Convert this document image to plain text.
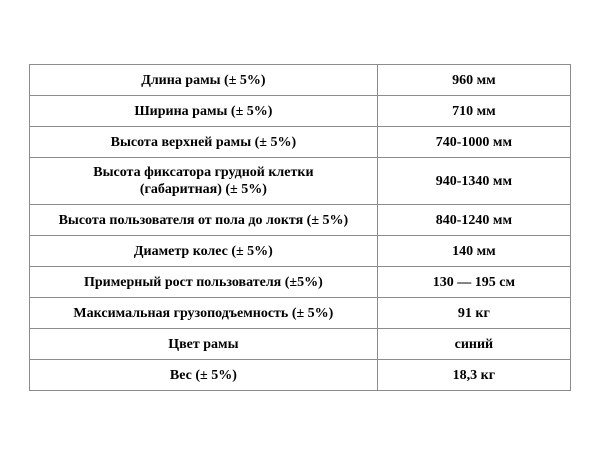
Длина рамы (± 5%)	960 мм
Ширина рамы (± 5%)	710 мм
Высота верхней рамы (± 5%)	740-1000 мм
Высота фиксатора грудной клетки
(габаритная) (± 5%)	940-1340 мм
Высота пользователя от пола до локтя (± 5%)	840-1240 мм
Диаметр колес (± 5%)	140 мм
Примерный рост пользователя (±5%)	130 — 195 см
Максимальная грузоподъемность (± 5%)	91 кг
Цвет рамы	синий
Вес (± 5%)	18,3 кг
